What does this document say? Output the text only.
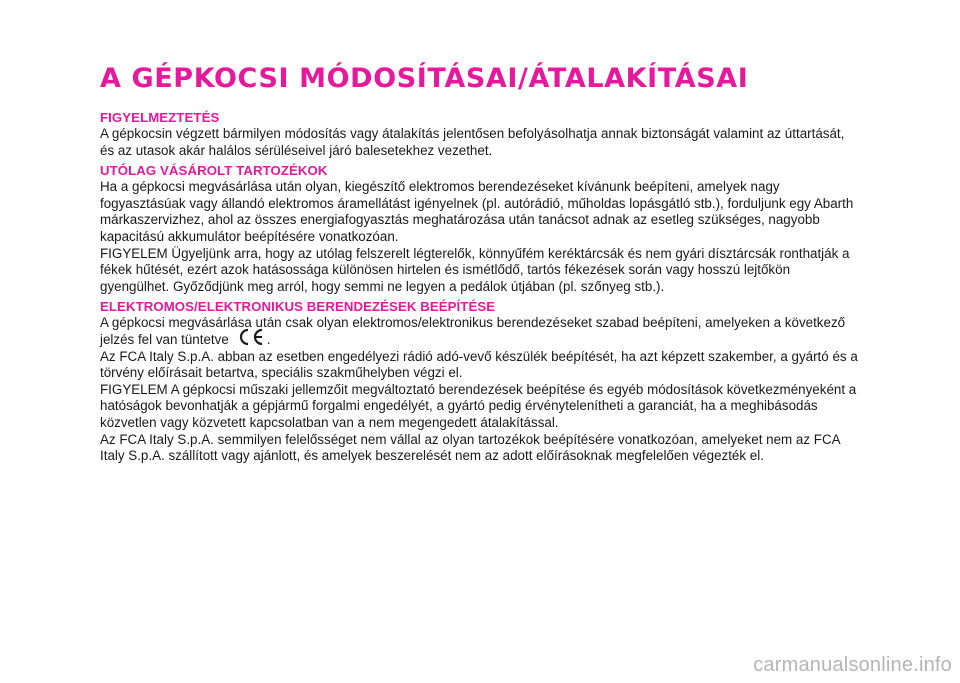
A GÉPKOCSI MÓDOSÍTÁSAI/ÁTALAKÍTÁSAI
FIGYELMEZTETÉS

A gépkocsin végzett bármilyen módosítás vagy átalakítás jelentősen befolyásolhatja annak biztonságát valamint az úttartását, és az utasok akár halálos sérüléseivel járó balesetekhez vezethet.

UTÓLAG VÁSÁROLT TARTOZÉKOK

Ha a gépkocsi megvásárlása után olyan, kiegészítő elektromos berendezéseket kívánunk beépíteni, amelyek nagy fogyasztásúak vagy állandó elektromos áramellátást igényelnek (pl. autórádió, műholdas lopásgátló stb.), forduljunk egy Abarth márkaszervizhez, ahol az összes energiafogyasztás meghatározása után tanácsot adnak az esetleg szükséges, nagyobb kapacitású akkumulátor beépítésére vonatkozóan.

FIGYELEM Ügyeljünk arra, hogy az utólag felszerelt légterelők, könnyűfém keréktárcsák és nem gyári dísztárcsák ronthatják a fékek hűtését, ezért azok hatásossága különösen hirtelen és ismétlődő, tartós fékezések során vagy hosszú lejtőkön gyengülhet. Győződjünk meg arról, hogy semmi ne legyen a pedálok útjában (pl. szőnyeg stb.).

ELEKTROMOS/ELEKTRONIKUS BERENDEZÉSEK BEÉPÍTÉSE

A gépkocsi megvásárlása után csak olyan elektromos/elektronikus berendezéseket szabad beépíteni, amelyeken a következő jelzés fel van tüntetve	.

Az FCA Italy S.p.A. abban az esetben engedélyezi rádió adó-vevő készülék beépítését, ha azt képzett szakember, a gyártó és a törvény előírásait betartva, speciális szakműhelyben végzi el.

FIGYELEM A gépkocsi műszaki jellemzőit megváltoztató berendezések beépítése és egyéb módosítások következményeként a hatóságok bevonhatják a gépjármű forgalmi engedélyét, a gyártó pedig érvénytelenítheti a garanciát, ha a meghibásodás közvetlen vagy közvetett kapcsolatban van a nem megengedett átalakítással.

Az FCA Italy S.p.A. semmilyen felelősséget nem vállal az olyan tartozékok beépítésére vonatkozóan, amelyeket nem az FCA Italy S.p.A. szállított vagy ajánlott, és amelyek beszerelését nem az adott előírásoknak megfelelően végezték el.

carmanualsonline.info
